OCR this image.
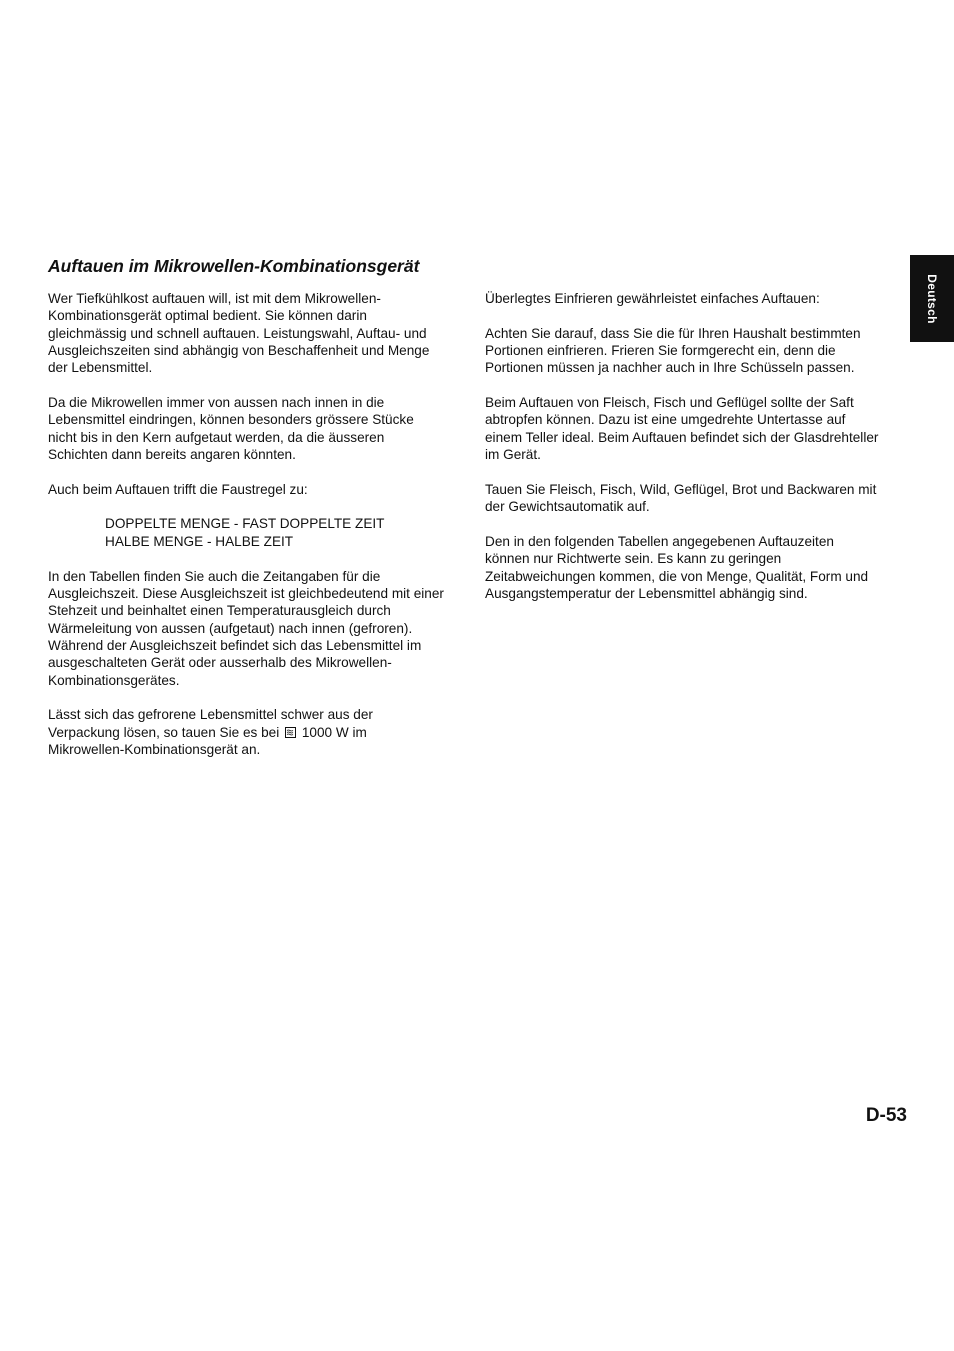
Auftauen im Mikrowellen-Kombinationsgerät

Wer Tiefkühlkost auftauen will, ist mit dem Mikrowellen-
Kombinationsgerät optimal bedient. Sie können darin
gleichmässig und schnell auftauen. Leistungswahl, Auftau- und
Ausgleichszeiten sind abhängig von Beschaffenheit und Menge
der Lebensmittel.

Da die Mikrowellen immer von aussen nach innen in die
Lebensmittel eindringen, können besonders grössere Stücke
nicht bis in den Kern aufgetaut werden, da die äusseren
Schichten dann bereits angaren könnten.

Auch beim Auftauen trifft die Faustregel zu:

DOPPELTE MENGE - FAST DOPPELTE ZEIT
HALBE MENGE - HALBE ZEIT

In den Tabellen finden Sie auch die Zeitangaben für die
Ausgleichszeit. Diese Ausgleichszeit ist gleichbedeutend mit einer
Stehzeit und beinhaltet einen Temperaturausgleich durch
Wärmeleitung von aussen (aufgetaut) nach innen (gefroren).
Während der Ausgleichszeit befindet sich das Lebensmittel im
ausgeschalteten Gerät oder ausserhalb des Mikrowellen-
Kombinationsgerätes.

Lässt sich das gefrorene Lebensmittel schwer aus der
Verpackung lösen, so tauen Sie es bei 1000 W im
Mikrowellen-Kombinationsgerät an.

Überlegtes Einfrieren gewährleistet einfaches Auftauen:

Achten Sie darauf, dass Sie die für Ihren Haushalt bestimmten
Portionen einfrieren. Frieren Sie formgerecht ein, denn die
Portionen müssen ja nachher auch in Ihre Schüsseln passen.

Beim Auftauen von Fleisch, Fisch und Geflügel sollte der Saft
abtropfen können. Dazu ist eine umgedrehte Untertasse auf
einem Teller ideal. Beim Auftauen befindet sich der Glasdrehteller
im Gerät.

Tauen Sie Fleisch, Fisch, Wild, Geflügel, Brot und Backwaren mit
der Gewichtsautomatik auf.

Den in den folgenden Tabellen angegebenen Auftauzeiten
können nur Richtwerte sein. Es kann zu geringen
Zeitabweichungen kommen, die von Menge, Qualität, Form und
Ausgangstemperatur der Lebensmittel abhängig sind.

Deutsch
D-53
